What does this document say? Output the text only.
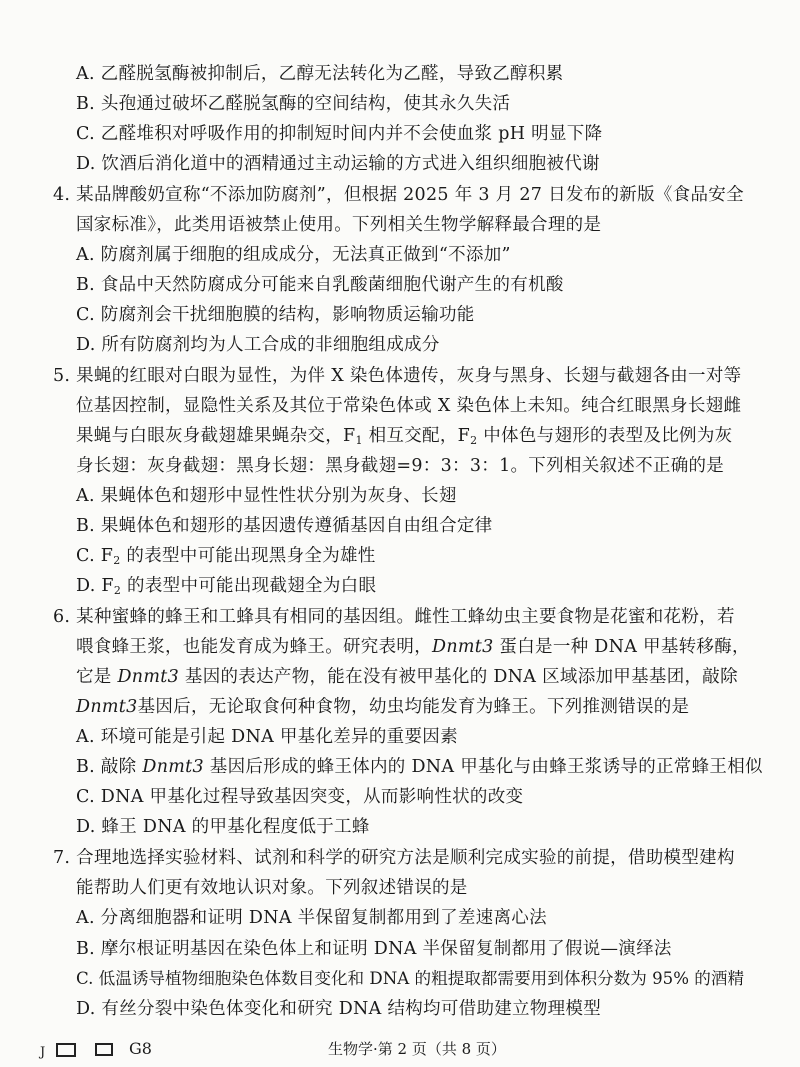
A. 乙醛脱氢酶被抑制后，乙醇无法转化为乙醛，导致乙醇积累
B. 头孢通过破坏乙醛脱氢酶的空间结构，使其永久失活
C. 乙醛堆积对呼吸作用的抑制短时间内并不会使血浆 pH 明显下降
D. 饮酒后消化道中的酒精通过主动运输的方式进入组织细胞被代谢
4. 某品牌酸奶宣称“不添加防腐剂”，但根据 2025 年 3 月 27 日发布的新版《食品安全
国家标准》，此类用语被禁止使用。下列相关生物学解释最合理的是
A. 防腐剂属于细胞的组成成分，无法真正做到“不添加”
B. 食品中天然防腐成分可能来自乳酸菌细胞代谢产生的有机酸
C. 防腐剂会干扰细胞膜的结构，影响物质运输功能
D. 所有防腐剂均为人工合成的非细胞组成成分
5. 果蝇的红眼对白眼为显性，为伴 X 染色体遗传，灰身与黑身、长翅与截翅各由一对等
位基因控制，显隐性关系及其位于常染色体或 X 染色体上未知。纯合红眼黑身长翅雌
果蝇与白眼灰身截翅雄果蝇杂交，$F_1$ 相互交配，$F_2$ 中体色与翅形的表型及比例为灰
身长翅：灰身截翅：黑身长翅：黑身截翅=9：3：3：1。下列相关叙述不正确的是
A. 果蝇体色和翅形中显性性状分别为灰身、长翅
B. 果蝇体色和翅形的基因遗传遵循基因自由组合定律
C. $F_2$ 的表型中可能出现黑身全为雄性
D. $F_2$ 的表型中可能出现截翅全为白眼
6. 某种蜜蜂的蜂王和工蜂具有相同的基因组。雌性工蜂幼虫主要食物是花蜜和花粉，若
喂食蜂王浆，也能发育成为蜂王。研究表明，Dnmt3 蛋白是一种 DNA 甲基转移酶，
它是 Dnmt3 基因的表达产物，能在没有被甲基化的 DNA 区域添加甲基基团，敲除
Dnmt3基因后，无论取食何种食物，幼虫均能发育为蜂王。下列推测错误的是
A. 环境可能是引起 DNA 甲基化差异的重要因素
B. 敲除 Dnmt3 基因后形成的蜂王体内的 DNA 甲基化与由蜂王浆诱导的正常蜂王相似
C. DNA 甲基化过程导致基因突变，从而影响性状的改变
D. 蜂王 DNA 的甲基化程度低于工蜂
7. 合理地选择实验材料、试剂和科学的研究方法是顺利完成实验的前提，借助模型建构
能帮助人们更有效地认识对象。下列叙述错误的是
A. 分离细胞器和证明 DNA 半保留复制都用到了差速离心法
B. 摩尔根证明基因在染色体上和证明 DNA 半保留复制都用了假说—演绎法
C. 低温诱导植物细胞染色体数目变化和 DNA 的粗提取都需要用到体积分数为 95% 的酒精
D. 有丝分裂中染色体变化和研究 DNA 结构均可借助建立物理模型
J	G8	生物学·第 2 页（共 8 页）
